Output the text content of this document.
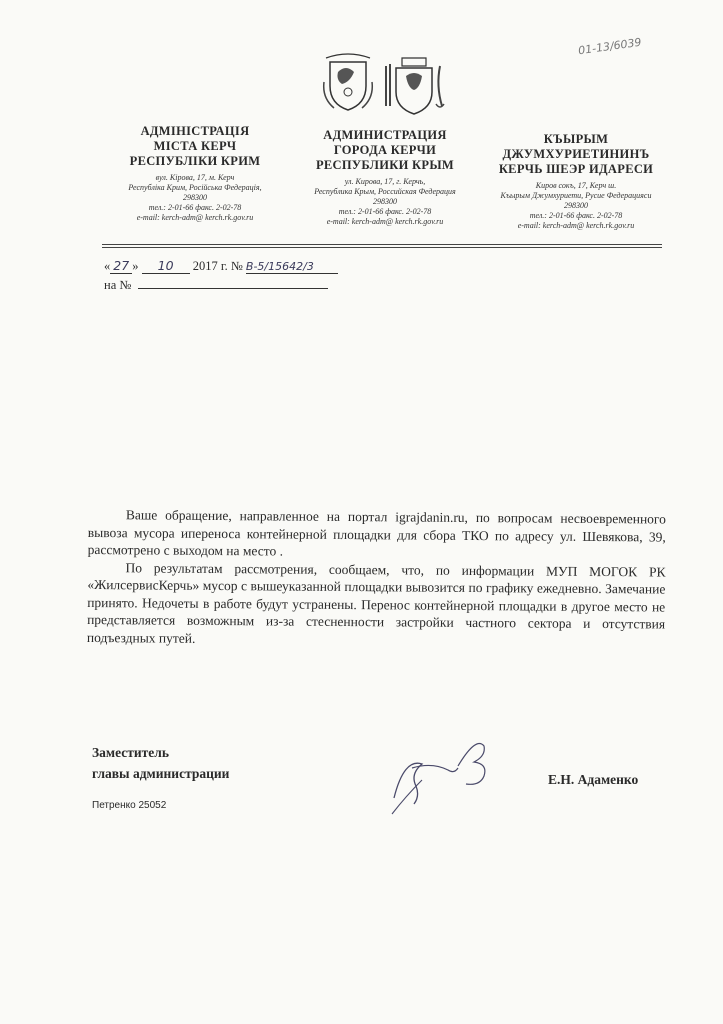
01-13/6039
АДМІНІСТРАЦІЯ
МІСТА КЕРЧ
РЕСПУБЛІКИ КРИМ
вул. Кірова, 17, м. Керч
Республіка Крим, Російська Федерація,
298300
тел.: 2-01-66 факс. 2-02-78
e-mail: kerch-adm@ kerch.rk.gov.ru
АДМИНИСТРАЦИЯ
ГОРОДА КЕРЧИ
РЕСПУБЛИКИ КРЫМ
ул. Кирова, 17, г. Керчь,
Республика Крым, Российская Федерация
298300
тел.: 2-01-66 факс. 2-02-78
e-mail: kerch-adm@ kerch.rk.gov.ru
КЪЫРЫМ
ДЖУМХУРИЕТИНИНЪ
КЕРЧЬ ШЕЭР ИДАРЕСИ
Киров сокъ, 17, Керч ш.
Къырым Джумхуриети, Русие Федерацияси
298300
тел.: 2-01-66 факс. 2-02-78
e-mail: kerch-adm@ kerch.rk.gov.ru
« 27 » 10 2017 г. № В-5/15642/3
на №

Ваше обращение, направленное на портал igrajdanin.ru, по вопросам несвоевременного вывоза мусора ипереноса контейнерной площадки для сбора ТКО по адресу ул. Шевякова, 39, рассмотрено с выходом на место .

По результатам рассмотрения, сообщаем, что, по информации МУП МОГОК РК «ЖилсервисКерчь» мусор с вышеуказанной площадки вывозится по графику ежедневно. Замечание принято. Недочеты в работе будут устранены. Перенос контейнерной площадки в другое место не представляется возможным из-за стесненности застройки частного сектора и отсутствия подъездных путей.

Заместитель
главы администрации	Е.Н. Адаменко
Петренко 25052
